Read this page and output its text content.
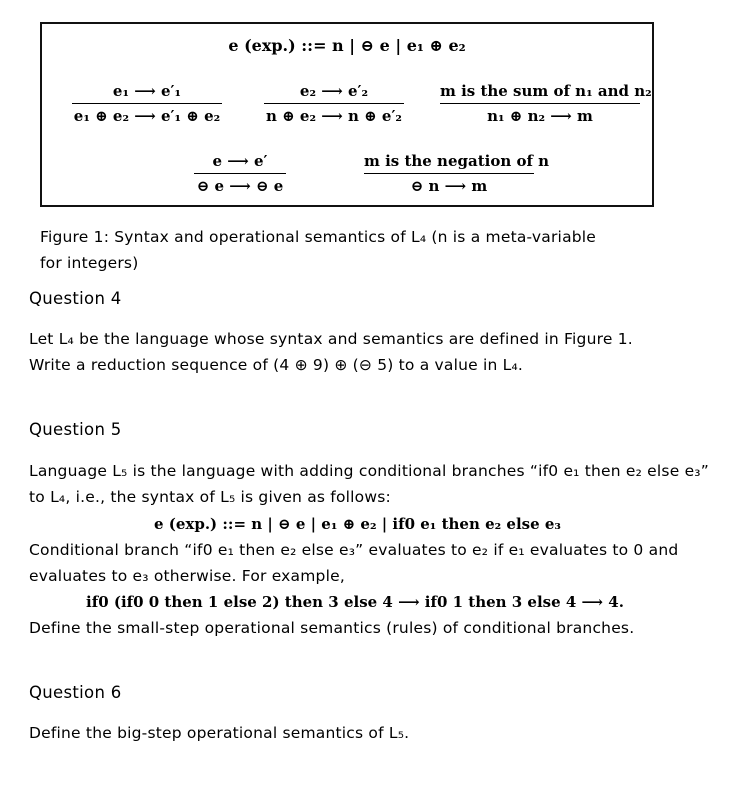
e (exp.) ::= n | ⊖ e | e₁ ⊕ e₂
e₁ ⟶ e′₁
e₁ ⊕ e₂ ⟶ e′₁ ⊕ e₂
e₂ ⟶ e′₂
n ⊕ e₂ ⟶ n ⊕ e′₂
m is the sum of n₁ and n₂
n₁ ⊕ n₂ ⟶ m
e ⟶ e′
⊖ e ⟶ ⊖ e
m is the negation of n
⊖ n ⟶ m
Figure 1: Syntax and operational semantics of L₄ (n is a meta-variable
for integers)
Question 4
Let L₄ be the language whose syntax and semantics are defined in Figure 1.
Write a reduction sequence of (4 ⊕ 9) ⊕ (⊖ 5) to a value in L₄.
Question 5
Language L₅ is the language with adding conditional branches “if0 e₁ then e₂ else e₃”
to L₄, i.e., the syntax of L₅ is given as follows:
e (exp.) ::= n | ⊖ e | e₁ ⊕ e₂ | if0 e₁ then e₂ else e₃
Conditional branch “if0 e₁ then e₂ else e₃” evaluates to e₂ if e₁ evaluates to 0 and
evaluates to e₃ otherwise. For example,
if0 (if0 0 then 1 else 2) then 3 else 4 ⟶ if0 1 then 3 else 4 ⟶ 4.
Define the small-step operational semantics (rules) of conditional branches.
Question 6
Define the big-step operational semantics of L₅.
